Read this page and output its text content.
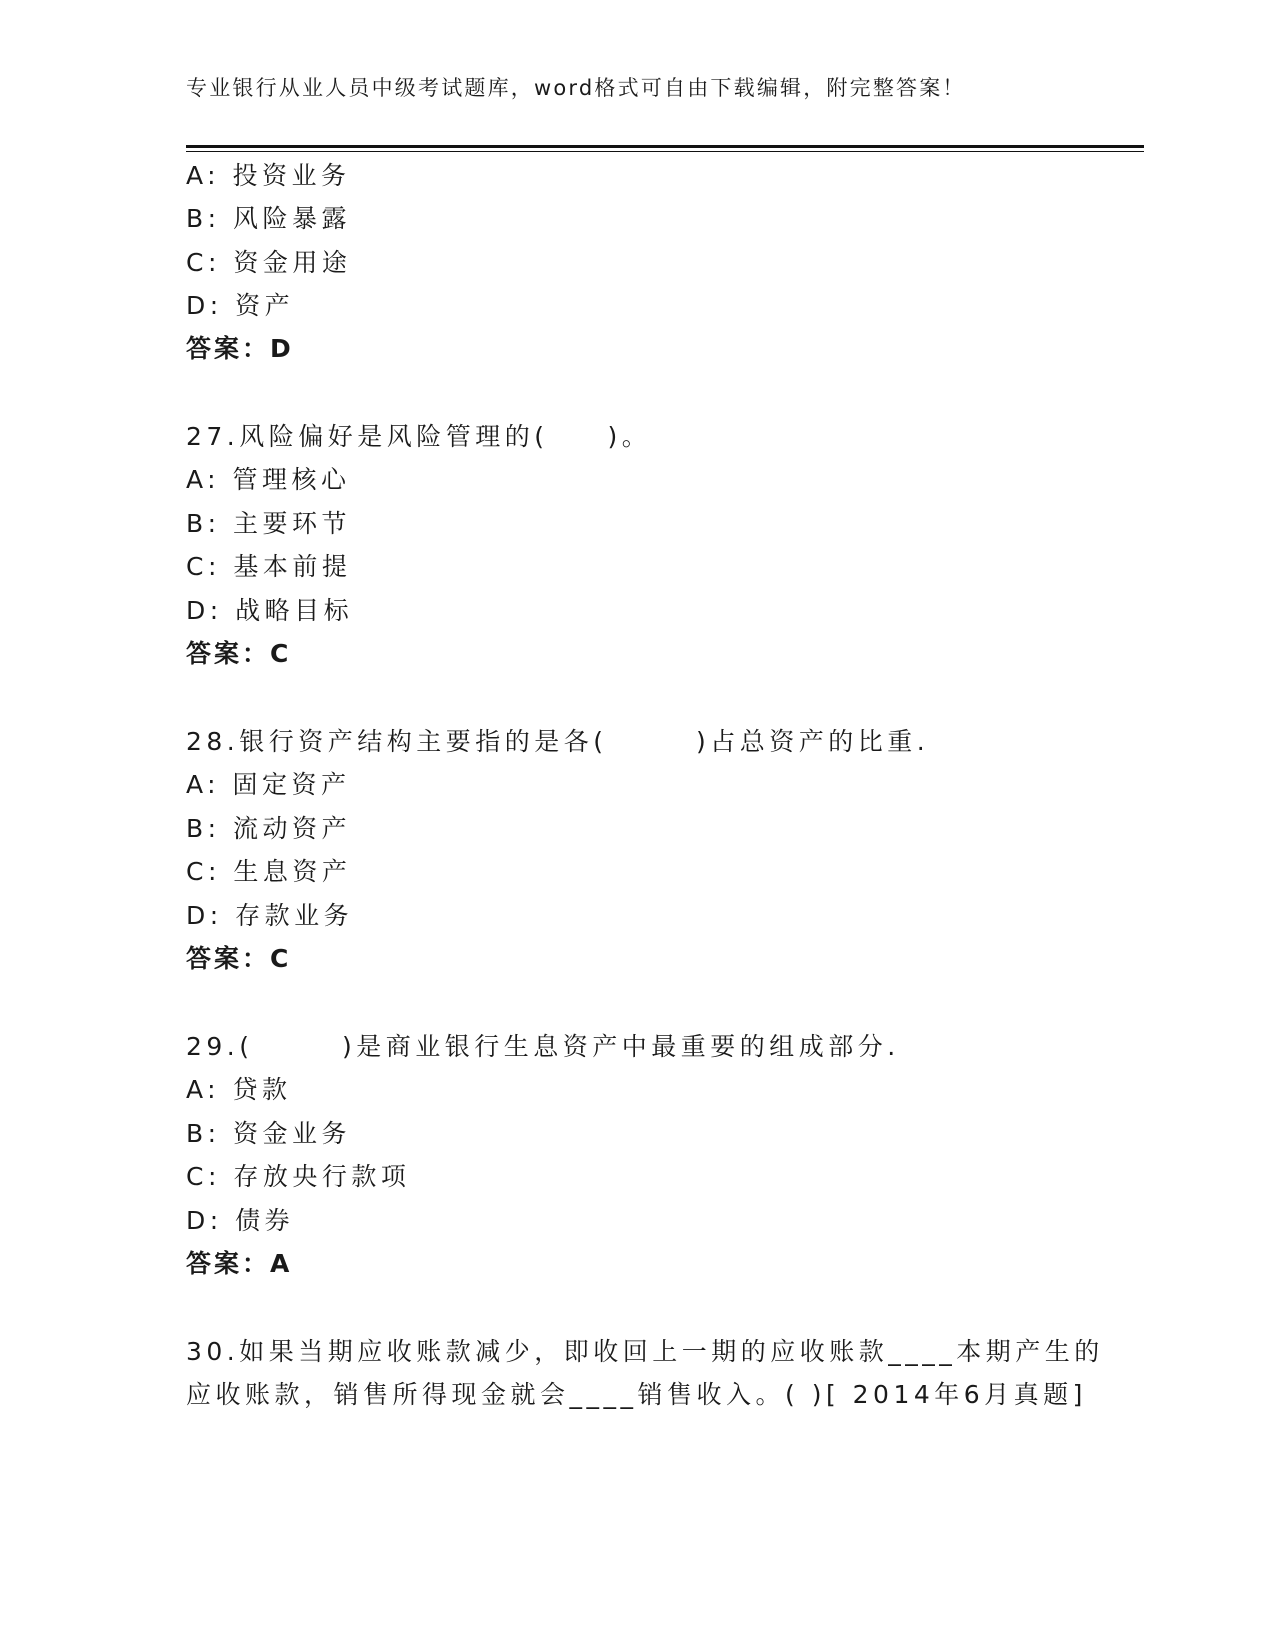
专业银行从业人员中级考试题库，word格式可自由下载编辑，附完整答案！
A: 投资业务
B: 风险暴露
C: 资金用途
D: 资产
答案：D
27.风险偏好是风险管理的(　　)。
A: 管理核心
B: 主要环节
C: 基本前提
D: 战略目标
答案：C
28.银行资产结构主要指的是各(　　　)占总资产的比重.
A: 固定资产
B: 流动资产
C: 生息资产
D: 存款业务
答案：C
29.(　　　)是商业银行生息资产中最重要的组成部分.
A: 贷款
B: 资金业务
C: 存放央行款项
D: 债券
答案：A
30.如果当期应收账款减少，即收回上一期的应收账款____本期产生的
应收账款，销售所得现金就会____销售收入。( )[ 2014年6月真题]
